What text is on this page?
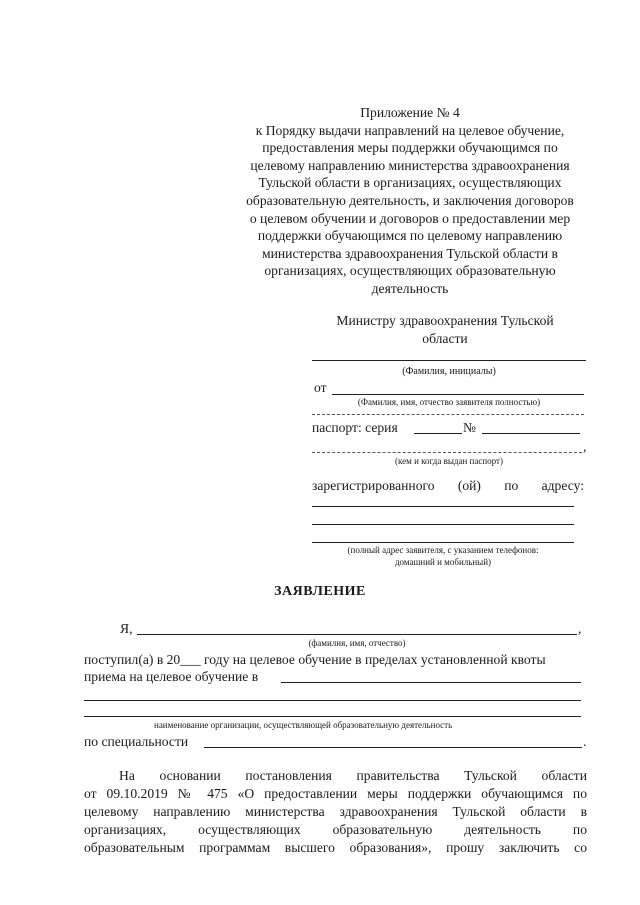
Приложение № 4
к Порядку выдачи направлений на целевое обучение,
предоставления меры поддержки обучающимся по
целевому направлению министерства здравоохранения
Тульской области в организациях, осуществляющих
образовательную деятельность, и заключения договоров
о целевом обучении и договоров о предоставлении мер
поддержки обучающимся по целевому направлению
министерства здравоохранения Тульской области в
организациях, осуществляющих образовательную
деятельность
Министру здравоохранения Тульской
области
(Фамилия, инициалы)
от
(Фамилия, имя, отчество заявителя полностью)
паспорт: серия	№
,
(кем и когда выдан паспорт)
зарегистрированного (ой) по адресу:
(полный адрес заявителя, с указанием телефонов:
домашний и мобильный)
ЗАЯВЛЕНИЕ
Я,	,
(фамилия, имя, отчество)
поступил(а) в 20___ году на целевое обучение в пределах установленной квоты
приема на целевое обучение в
наименование организации, осуществляющей образовательную деятельность
по специальности	.
На основании постановления правительства Тульской области
от 09.10.2019 № 475 «О предоставлении меры поддержки обучающимся по
целевому направлению министерства здравоохранения Тульской области в
организациях, осуществляющих образовательную деятельность по
образовательным программам высшего образования», прошу заключить со
